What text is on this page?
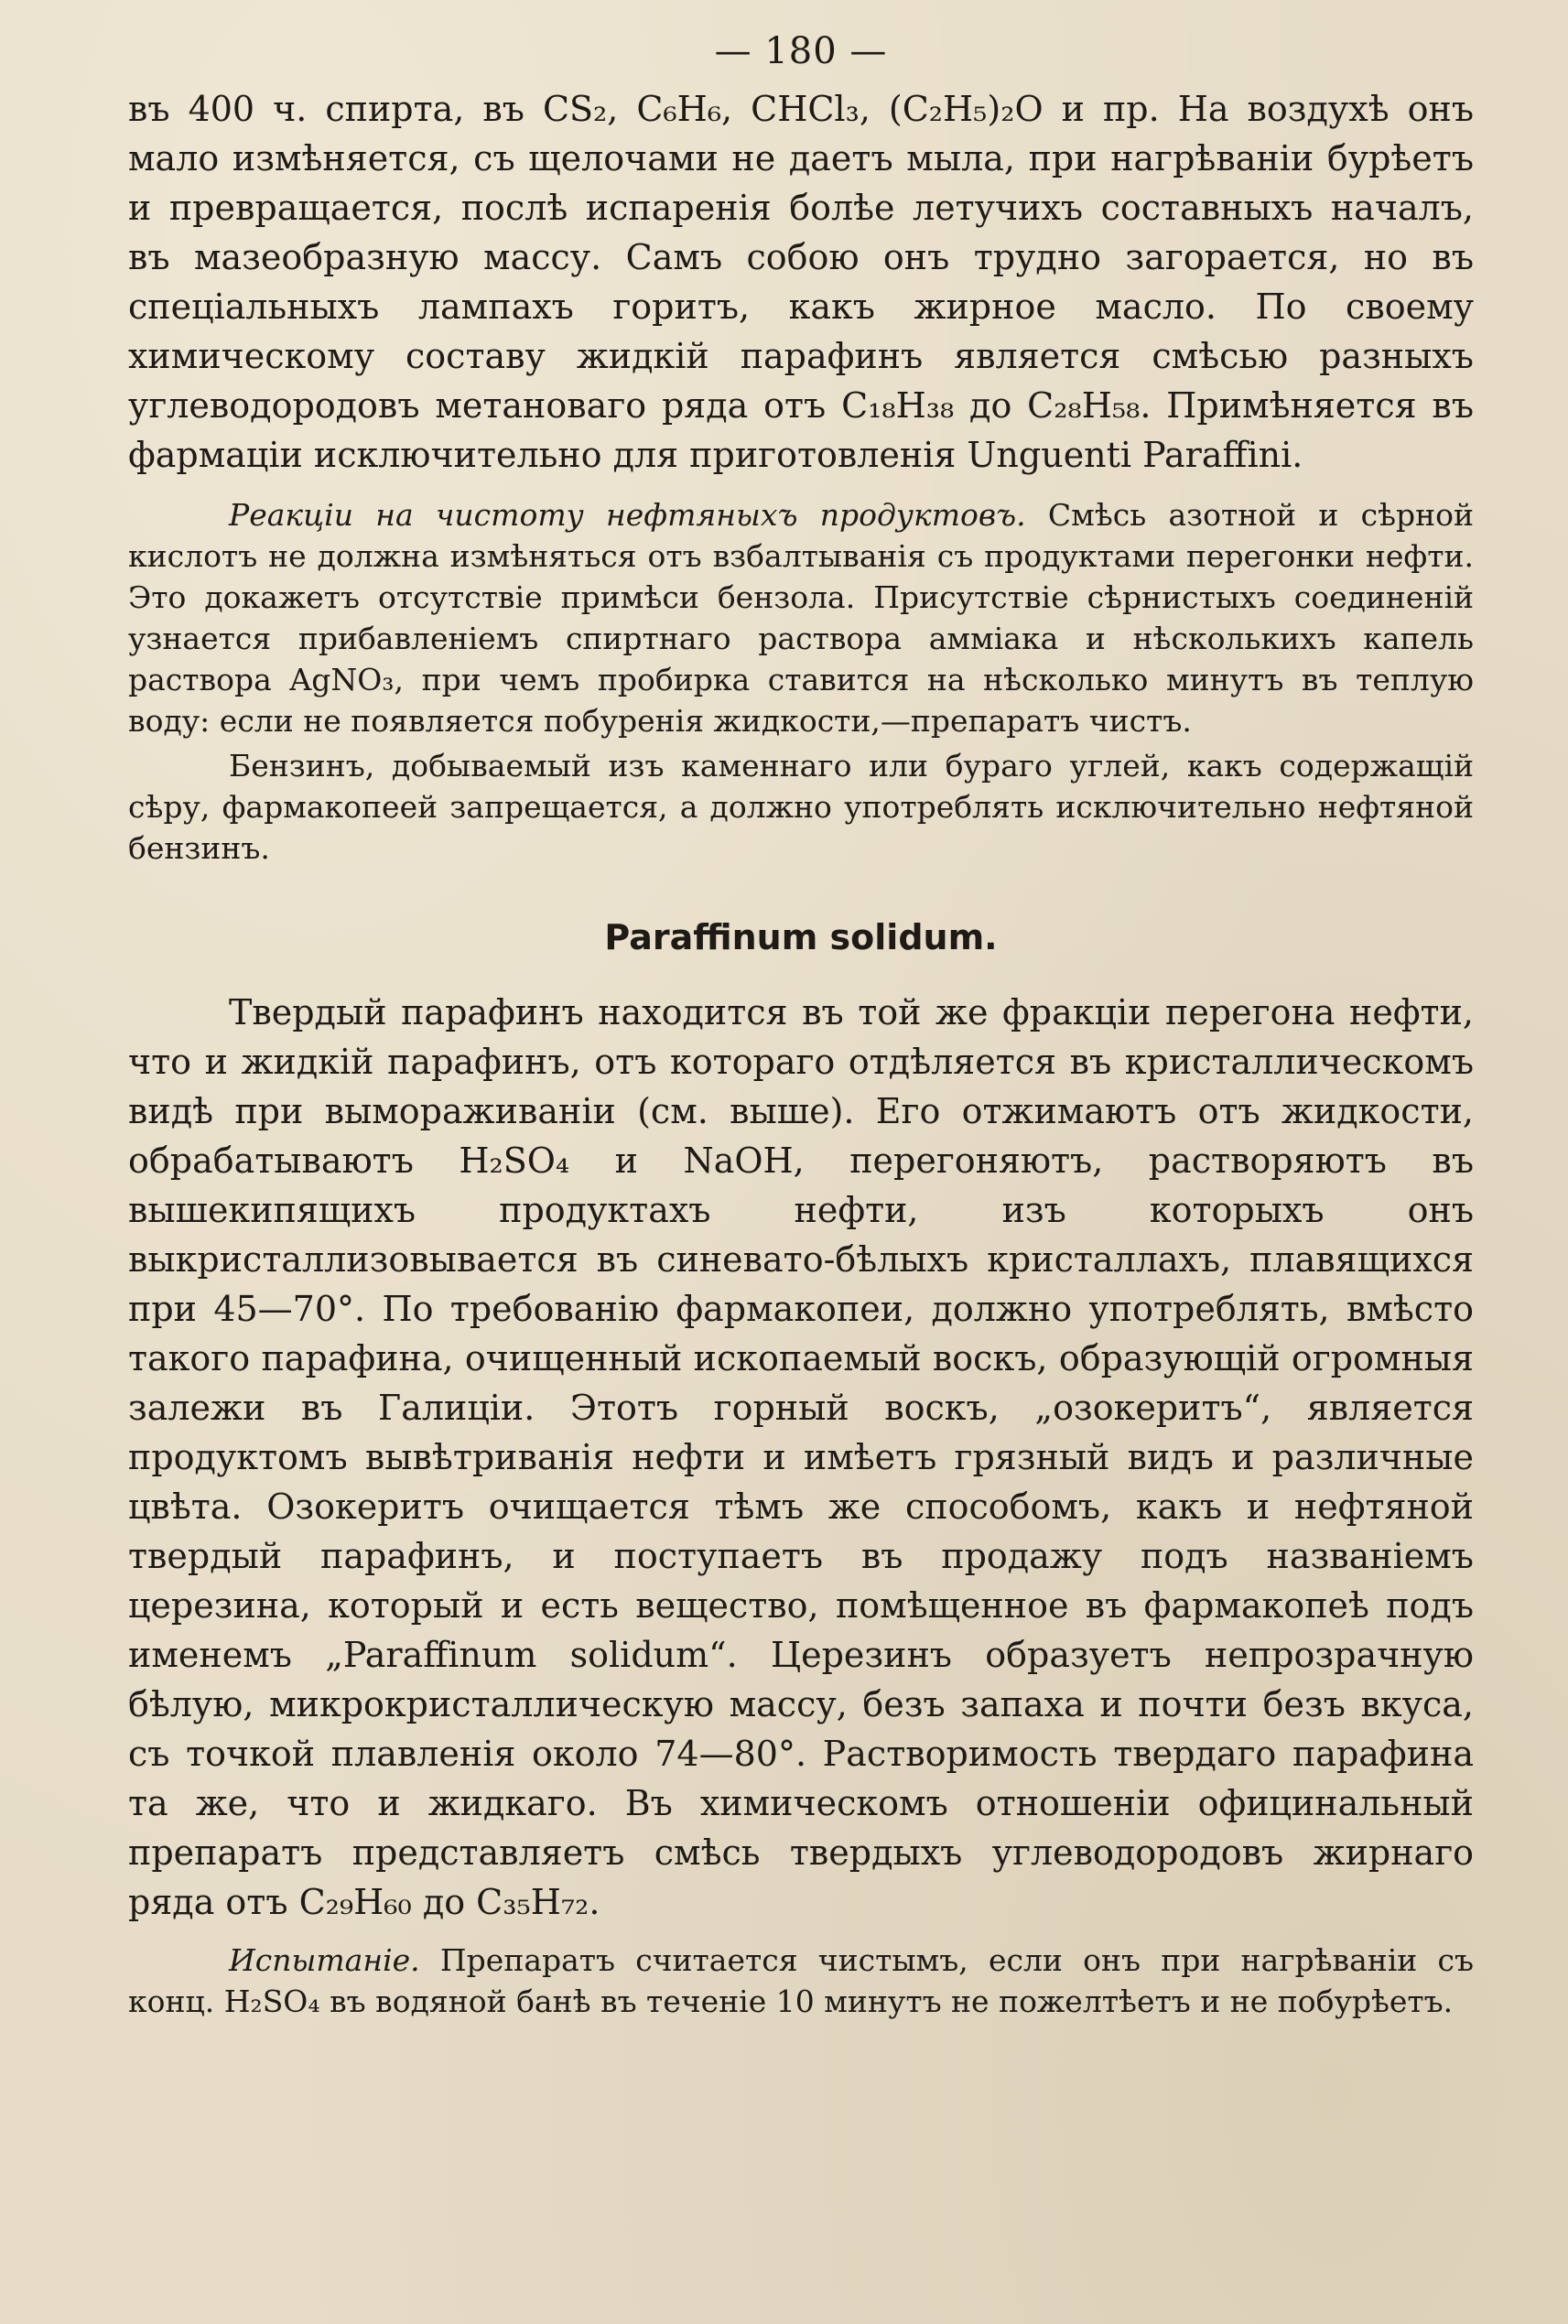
— 180 —

въ 400 ч. спирта, въ CS₂, C₆H₆, CHCl₃, (C₂H₅)₂O и пр. На воздухѣ онъ мало измѣняется, съ щелочами не даетъ мыла, при нагрѣваніи бурѣетъ и превращается, послѣ испаренія болѣе летучихъ составныхъ началъ, въ мазеобразную массу. Самъ собою онъ трудно загорается, но въ спеціальныхъ лампахъ горитъ, какъ жирное масло. По своему химическому составу жидкій парафинъ является смѣсью разныхъ углеводородовъ метановаго ряда отъ C₁₈H₃₈ до C₂₈H₅₈. Примѣняется въ фармаціи исключительно для приготовленія Unguenti Paraffini.

Реакціи на чистоту нефтяныхъ продуктовъ. Смѣсь азотной и сѣрной кислотъ не должна измѣняться отъ взбалтыванія съ продуктами перегонки нефти. Это докажетъ отсутствіе примѣси бензола. Присутствіе сѣрнистыхъ соединеній узнается прибавленіемъ спиртнаго раствора амміака и нѣсколькихъ капель раствора AgNO₃, при чемъ пробирка ставится на нѣсколько минутъ въ теплую воду: если не появляется побуренія жидкости,—препаратъ чистъ.

Бензинъ, добываемый изъ каменнаго или бураго углей, какъ содержащій сѣру, фармакопеей запрещается, а должно употреблять исключительно нефтяной бензинъ.

Paraffinum solidum.

Твердый парафинъ находится въ той же фракціи перегона нефти, что и жидкій парафинъ, отъ котораго отдѣляется въ кристаллическомъ видѣ при вымораживаніи (см. выше). Его отжимаютъ отъ жидкости, обрабатываютъ H₂SO₄ и NaOH, перегоняютъ, растворяютъ въ вышекипящихъ продуктахъ нефти, изъ которыхъ онъ выкристаллизовывается въ синевато-бѣлыхъ кристаллахъ, плавящихся при 45—70°. По требованію фармакопеи, должно употреблять, вмѣсто такого парафина, очищенный ископаемый воскъ, образующій огромныя залежи въ Галиціи. Этотъ горный воскъ, „озокеритъ“, является продуктомъ вывѣтриванія нефти и имѣетъ грязный видъ и различные цвѣта. Озокеритъ очищается тѣмъ же способомъ, какъ и нефтяной твердый парафинъ, и поступаетъ въ продажу подъ названіемъ церезина, который и есть вещество, помѣщенное въ фармакопеѣ подъ именемъ „Paraffinum solidum“. Церезинъ образуетъ непрозрачную бѣлую, микрокристаллическую массу, безъ запаха и почти безъ вкуса, съ точкой плавленія около 74—80°. Растворимость твердаго парафина та же, что и жидкаго. Въ химическомъ отношеніи официнальный препаратъ представляетъ смѣсь твердыхъ углеводородовъ жирнаго ряда отъ C₂₉H₆₀ до C₃₅H₇₂.

Испытаніе. Препаратъ считается чистымъ, если онъ при нагрѣваніи съ конц. H₂SO₄ въ водяной банѣ въ теченіе 10 минутъ не пожелтѣетъ и не побурѣетъ.
